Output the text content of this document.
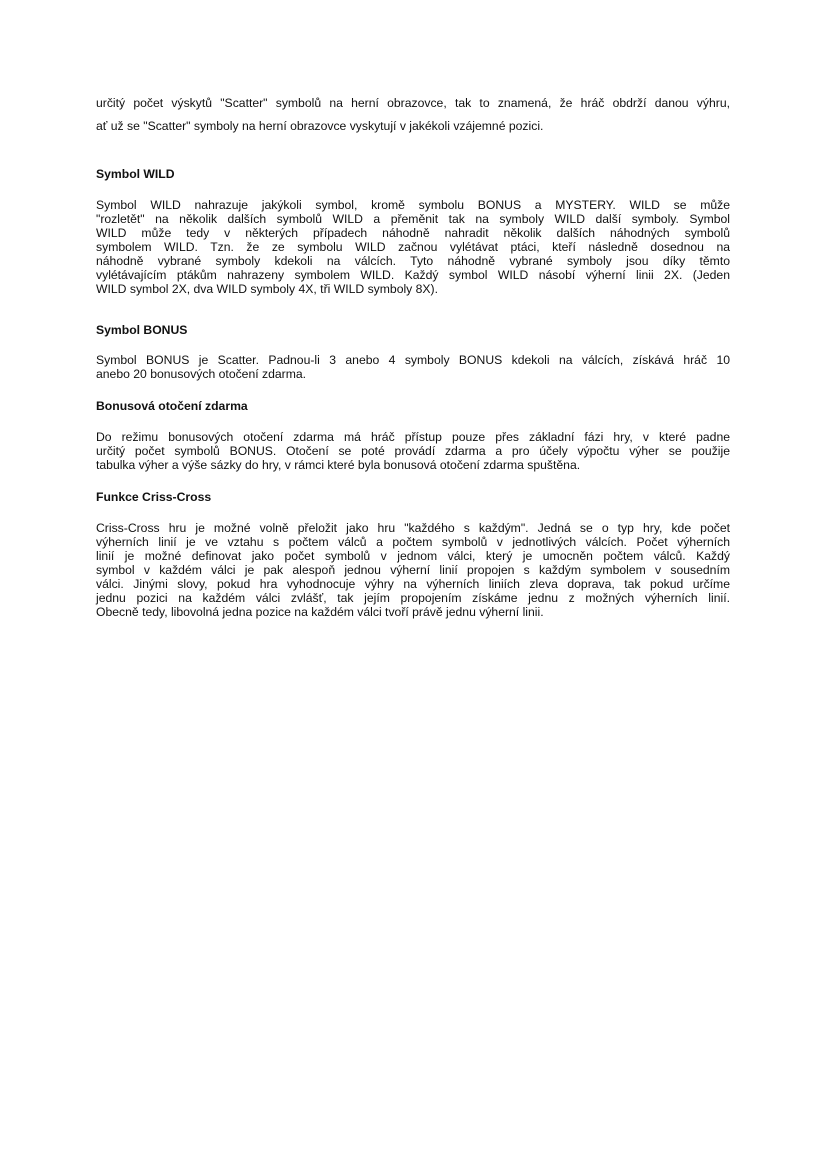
určitý počet výskytů "Scatter" symbolů na herní obrazovce, tak to znamená, že hráč obdrží danou výhru,
ať už se "Scatter" symboly na herní obrazovce vyskytují v jakékoli vzájemné pozici.
Symbol WILD
Symbol WILD nahrazuje jakýkoli symbol, kromě symbolu BONUS a MYSTERY. WILD se může
"rozletět" na několik dalších symbolů WILD a přeměnit tak na symboly WILD další symboly. Symbol
WILD může tedy v některých případech náhodně nahradit několik dalších náhodných symbolů
symbolem WILD. Tzn. že ze symbolu WILD začnou vylétávat ptáci, kteří následně dosednou na
náhodně vybrané symboly kdekoli na válcích. Tyto náhodně vybrané symboly jsou díky těmto
vylétávajícím ptákům nahrazeny symbolem WILD. Každý symbol WILD násobí výherní linii 2X. (Jeden
WILD symbol 2X, dva WILD symboly 4X, tři WILD symboly 8X).
Symbol BONUS
Symbol BONUS je Scatter. Padnou-li 3 anebo 4 symboly BONUS kdekoli na válcích, získává hráč 10
anebo 20 bonusových otočení zdarma.
Bonusová otočení zdarma
Do režimu bonusových otočení zdarma má hráč přístup pouze přes základní fázi hry, v které padne
určitý počet symbolů BONUS. Otočení se poté provádí zdarma a pro účely výpočtu výher se použije
tabulka výher a výše sázky do hry, v rámci které byla bonusová otočení zdarma spuštěna.
Funkce Criss-Cross
Criss-Cross hru je možné volně přeložit jako hru "každého s každým". Jedná se o typ hry, kde počet
výherních linií je ve vztahu s počtem válců a počtem symbolů v jednotlivých válcích. Počet výherních
linií je možné definovat jako počet symbolů v jednom válci, který je umocněn počtem válců. Každý
symbol v každém válci je pak alespoň jednou výherní linií propojen s každým symbolem v sousedním
válci. Jinými slovy, pokud hra vyhodnocuje výhry na výherních liniích zleva doprava, tak pokud určíme
jednu pozici na každém válci zvlášť, tak jejím propojením získáme jednu z možných výherních linií.
Obecně tedy, libovolná jedna pozice na každém válci tvoří právě jednu výherní linii.
